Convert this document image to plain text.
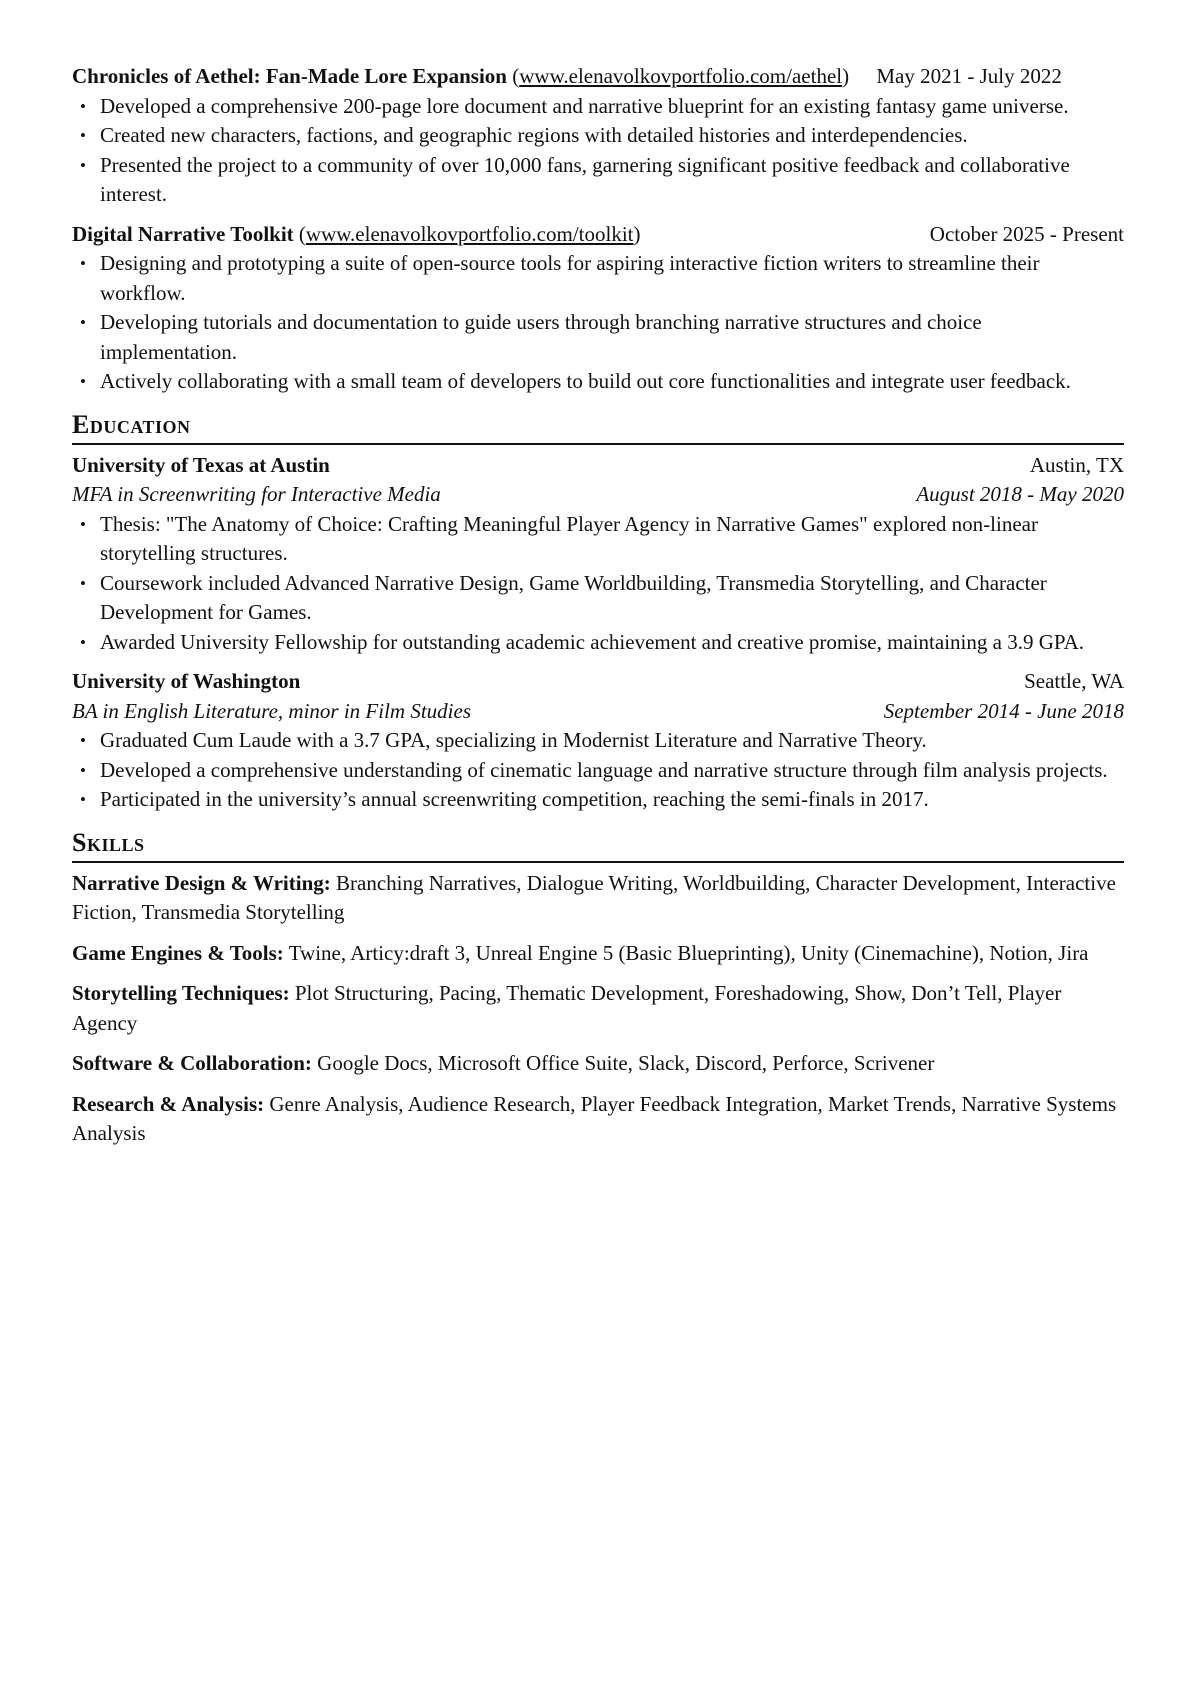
Chronicles of Aethel: Fan-Made Lore Expansion (www.elenavolkovportfolio.com/aethel) May 2021 - July 2022
• Developed a comprehensive 200-page lore document and narrative blueprint for an existing fantasy game universe.
• Created new characters, factions, and geographic regions with detailed histories and interdependencies.
• Presented the project to a community of over 10,000 fans, garnering significant positive feedback and collaborative interest.
Digital Narrative Toolkit (www.elenavolkovportfolio.com/toolkit)	October 2025 - Present
• Designing and prototyping a suite of open-source tools for aspiring interactive fiction writers to streamline their workflow.
• Developing tutorials and documentation to guide users through branching narrative structures and choice implementation.
• Actively collaborating with a small team of developers to build out core functionalities and integrate user feedback.
Education
University of Texas at Austin	Austin, TX
MFA in Screenwriting for Interactive Media	August 2018 - May 2020
• Thesis: "The Anatomy of Choice: Crafting Meaningful Player Agency in Narrative Games" explored non-linear storytelling structures.
• Coursework included Advanced Narrative Design, Game Worldbuilding, Transmedia Storytelling, and Character Development for Games.
• Awarded University Fellowship for outstanding academic achievement and creative promise, maintaining a 3.9 GPA.
University of Washington	Seattle, WA
BA in English Literature, minor in Film Studies	September 2014 - June 2018
• Graduated Cum Laude with a 3.7 GPA, specializing in Modernist Literature and Narrative Theory.
• Developed a comprehensive understanding of cinematic language and narrative structure through film analysis projects.
• Participated in the university’s annual screenwriting competition, reaching the semi-finals in 2017.
Skills
Narrative Design & Writing: Branching Narratives, Dialogue Writing, Worldbuilding, Character Development, Interactive Fiction, Transmedia Storytelling
Game Engines & Tools: Twine, Articy:draft 3, Unreal Engine 5 (Basic Blueprinting), Unity (Cinemachine), Notion, Jira
Storytelling Techniques: Plot Structuring, Pacing, Thematic Development, Foreshadowing, Show, Don’t Tell, Player Agency
Software & Collaboration: Google Docs, Microsoft Office Suite, Slack, Discord, Perforce, Scrivener
Research & Analysis: Genre Analysis, Audience Research, Player Feedback Integration, Market Trends, Narrative Systems Analysis
